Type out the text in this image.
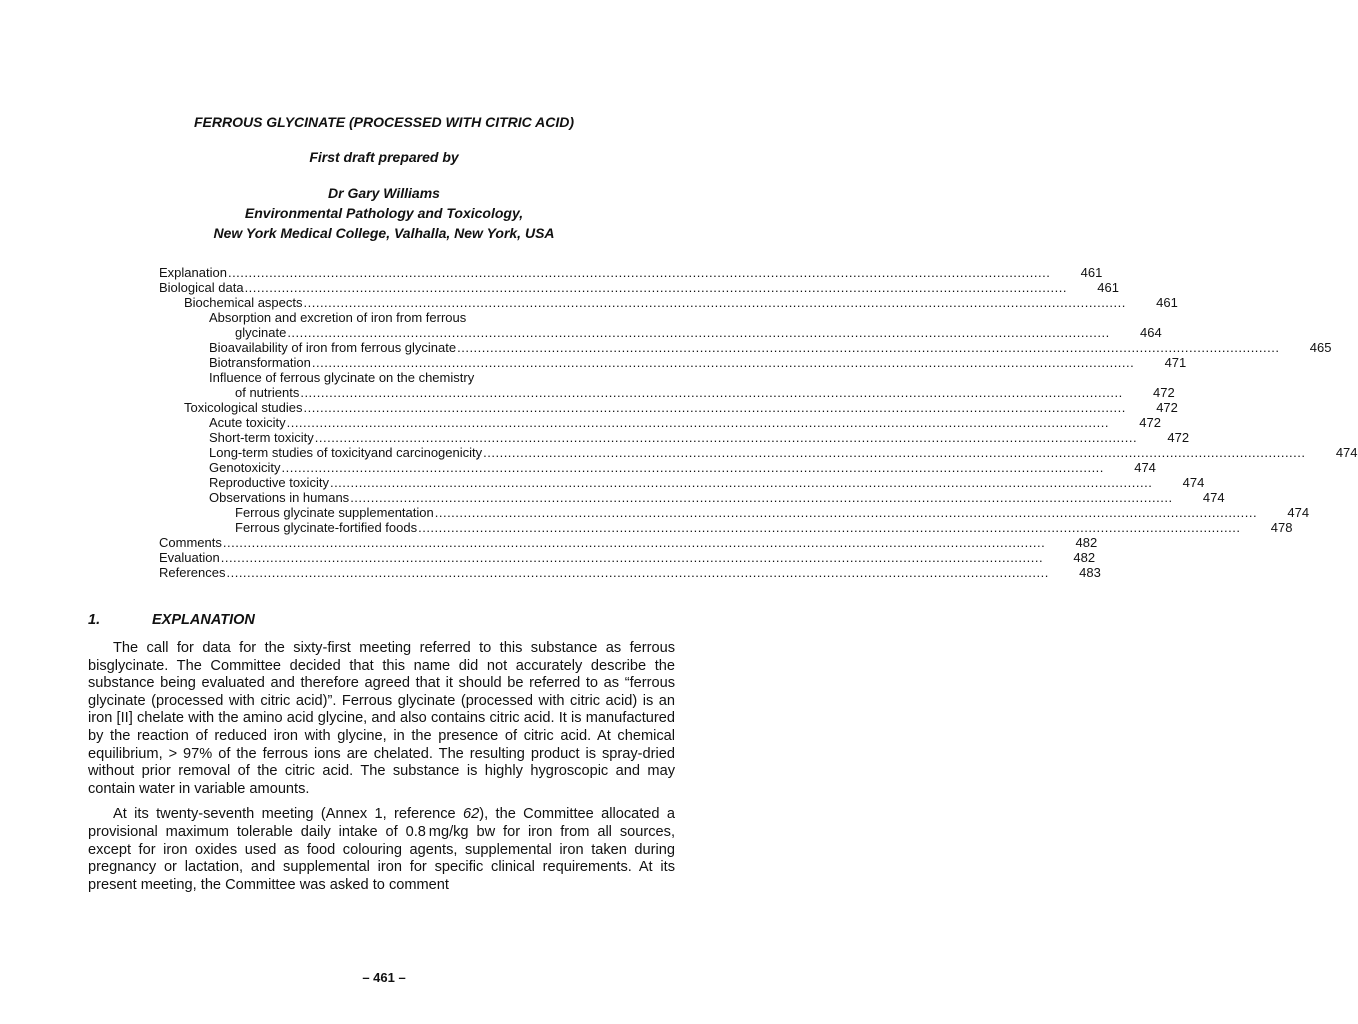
FERROUS GLYCINATE (PROCESSED WITH CITRIC ACID)
First draft prepared by
Dr Gary Williams
Environmental Pathology and Toxicology,
New York Medical College, Valhalla, New York, USA
Explanation ........................................................................................................................................................................................................ 461
Biological data ........................................................................................................................................................................................................ 461
Biochemical aspects ........................................................................................................................................................................................................ 461
Absorption and excretion of iron from ferrous
glycinate ........................................................................................................................................................................................................ 464
Bioavailability of iron from ferrous glycinate ........................................................................................................................................................................................................ 465
Biotransformation ........................................................................................................................................................................................................ 471
Influence of ferrous glycinate on the chemistry
of nutrients ........................................................................................................................................................................................................ 472
Toxicological studies ........................................................................................................................................................................................................ 472
Acute toxicity ........................................................................................................................................................................................................ 472
Short-term toxicity ........................................................................................................................................................................................................ 472
Long-term studies of toxicityand carcinogenicity ........................................................................................................................................................................................................ 474
Genotoxicity ........................................................................................................................................................................................................ 474
Reproductive toxicity ........................................................................................................................................................................................................ 474
Observations in humans ........................................................................................................................................................................................................ 474
Ferrous glycinate supplementation ........................................................................................................................................................................................................ 474
Ferrous glycinate-fortified foods ........................................................................................................................................................................................................ 478
Comments ........................................................................................................................................................................................................ 482
Evaluation ........................................................................................................................................................................................................ 482
References ........................................................................................................................................................................................................ 483
1.	EXPLANATION

The call for data for the sixty-first meeting referred to this substance as ferrous bisglycinate. The Committee decided that this name did not accurately describe the substance being evaluated and therefore agreed that it should be referred to as “ferrous glycinate (processed with citric acid)”. Ferrous glycinate (processed with citric acid) is an iron [II] chelate with the amino acid glycine, and also contains citric acid. It is manufactured by the reaction of reduced iron with glycine, in the presence of citric acid. At chemical equilibrium, > 97% of the ferrous ions are chelated. The resulting product is spray-dried without prior removal of the citric acid. The substance is highly hygroscopic and may contain water in variable amounts.

At its twenty-seventh meeting (Annex 1, reference 62), the Committee allocated a provisional maximum tolerable daily intake of 0.8 mg/kg bw for iron from all sources, except for iron oxides used as food colouring agents, supplemental iron taken during pregnancy or lactation, and supplemental iron for specific clinical requirements. At its present meeting, the Committee was asked to comment

– 461 –
